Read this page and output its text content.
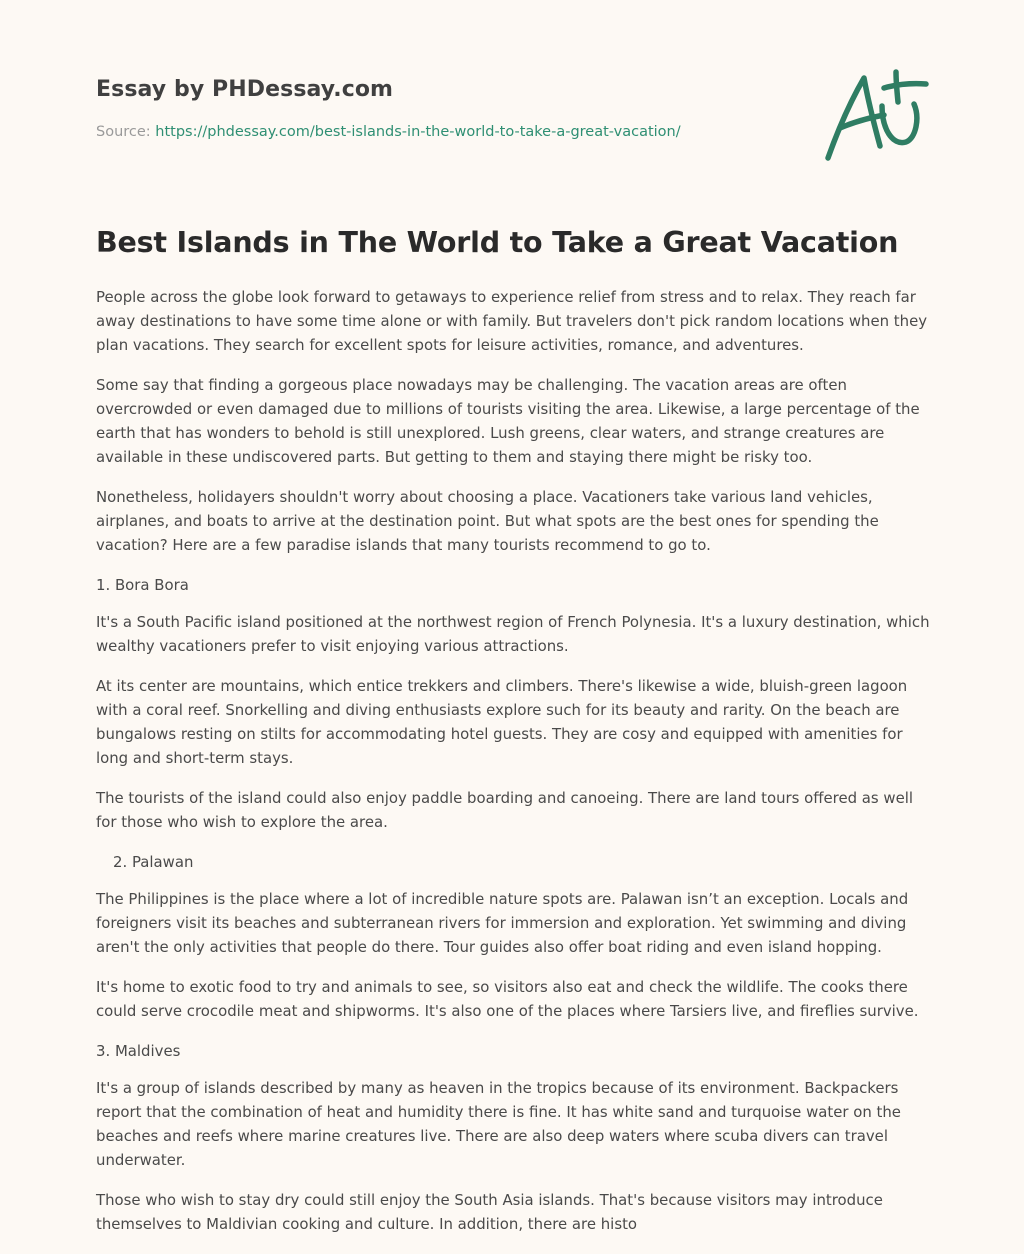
Essay by PHDessay.com
Source: https://phdessay.com/best-islands-in-the-world-to-take-a-great-vacation/
Best Islands in The World to Take a Great Vacation

People across the globe look forward to getaways to experience relief from stress and to relax. They reach far away destinations to have some time alone or with family. But travelers don't pick random locations when they plan vacations. They search for excellent spots for leisure activities, romance, and adventures.

Some say that finding a gorgeous place nowadays may be challenging. The vacation areas are often overcrowded or even damaged due to millions of tourists visiting the area. Likewise, a large percentage of the earth that has wonders to behold is still unexplored. Lush greens, clear waters, and strange creatures are available in these undiscovered parts. But getting to them and staying there might be risky too.

Nonetheless, holidayers shouldn't worry about choosing a place. Vacationers take various land vehicles, airplanes, and boats to arrive at the destination point. But what spots are the best ones for spending the vacation? Here are a few paradise islands that many tourists recommend to go to.

1. Bora Bora

It's a South Pacific island positioned at the northwest region of French Polynesia. It's a luxury destination, which wealthy vacationers prefer to visit enjoying various attractions.

At its center are mountains, which entice trekkers and climbers. There's likewise a wide, bluish-green lagoon with a coral reef. Snorkelling and diving enthusiasts explore such for its beauty and rarity. On the beach are bungalows resting on stilts for accommodating hotel guests. They are cosy and equipped with amenities for long and short-term stays.

The tourists of the island could also enjoy paddle boarding and canoeing. There are land tours offered as well for those who wish to explore the area.

2. Palawan

The Philippines is the place where a lot of incredible nature spots are. Palawan isn’t an exception. Locals and foreigners visit its beaches and subterranean rivers for immersion and exploration. Yet swimming and diving aren't the only activities that people do there. Tour guides also offer boat riding and even island hopping.

It's home to exotic food to try and animals to see, so visitors also eat and check the wildlife. The cooks there could serve crocodile meat and shipworms. It's also one of the places where Tarsiers live, and fireflies survive.

3. Maldives

It's a group of islands described by many as heaven in the tropics because of its environment. Backpackers report that the combination of heat and humidity there is fine. It has white sand and turquoise water on the beaches and reefs where marine creatures live. There are also deep waters where scuba divers can travel underwater.

Those who wish to stay dry could still enjoy the South Asia islands. That's because visitors may introduce themselves to Maldivian cooking and culture. In addition, there are histo
